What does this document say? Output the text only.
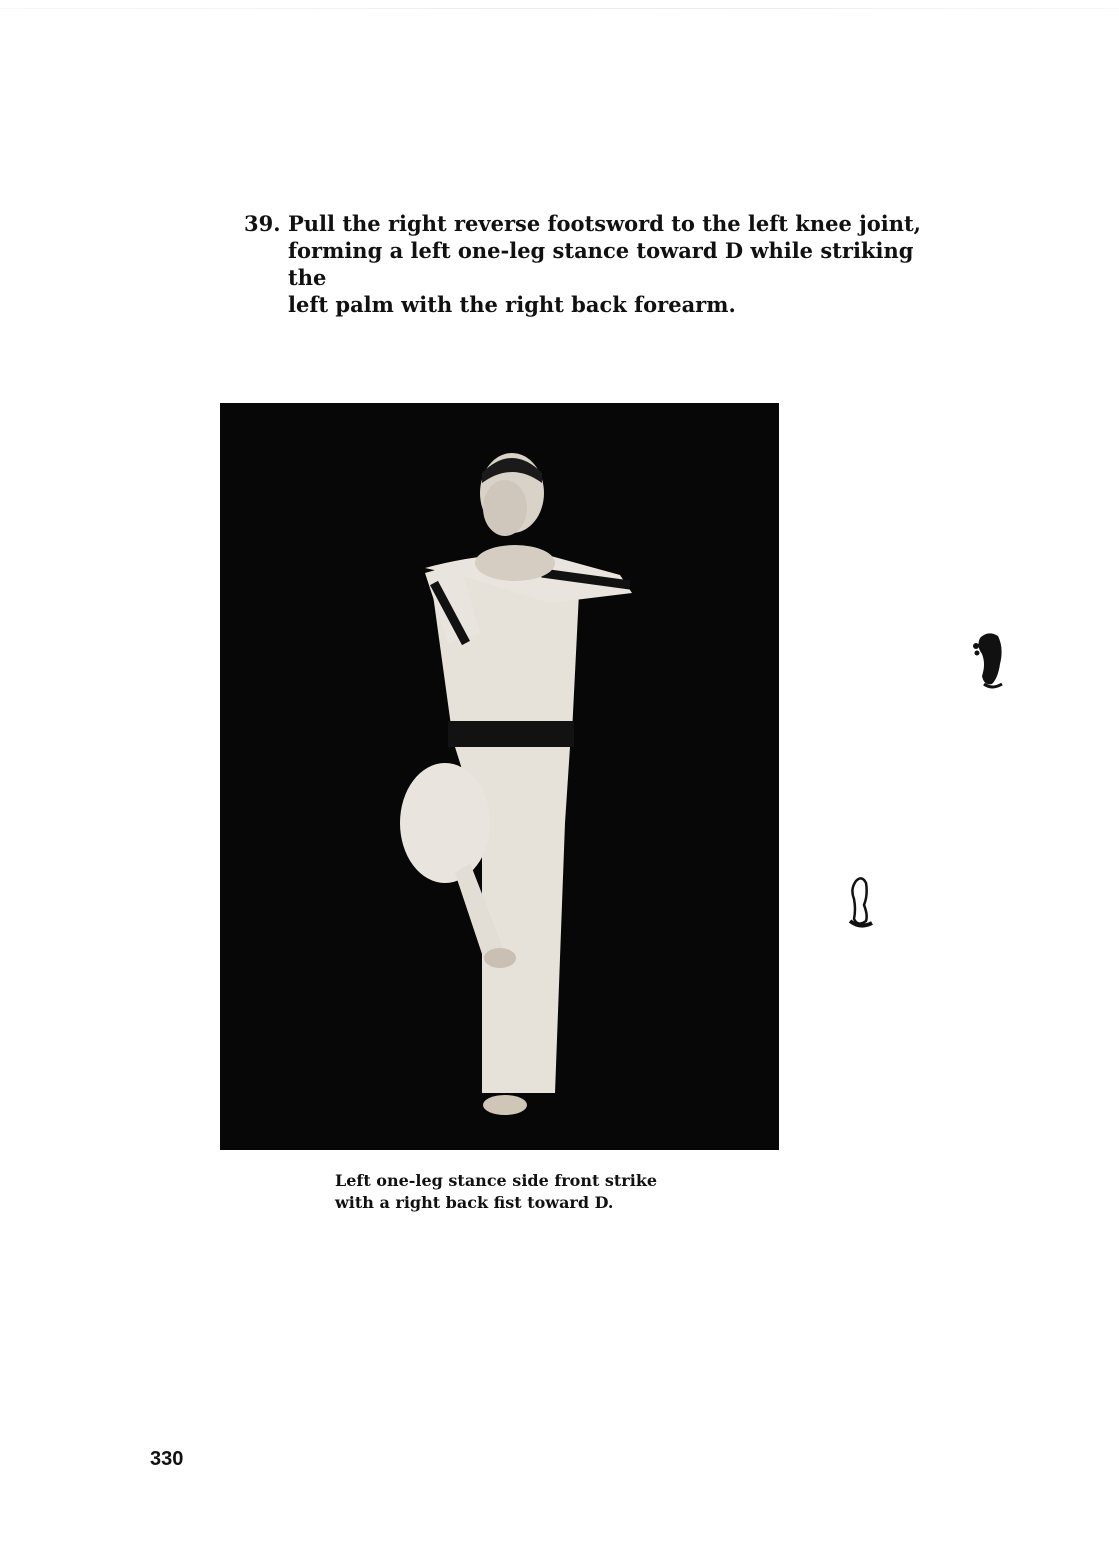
39. Pull the right reverse footsword to the left knee joint,
forming a left one-leg stance toward D while striking the
left palm with the right back forearm.
Left one-leg stance side front strike
with a right back fist toward D.
330
